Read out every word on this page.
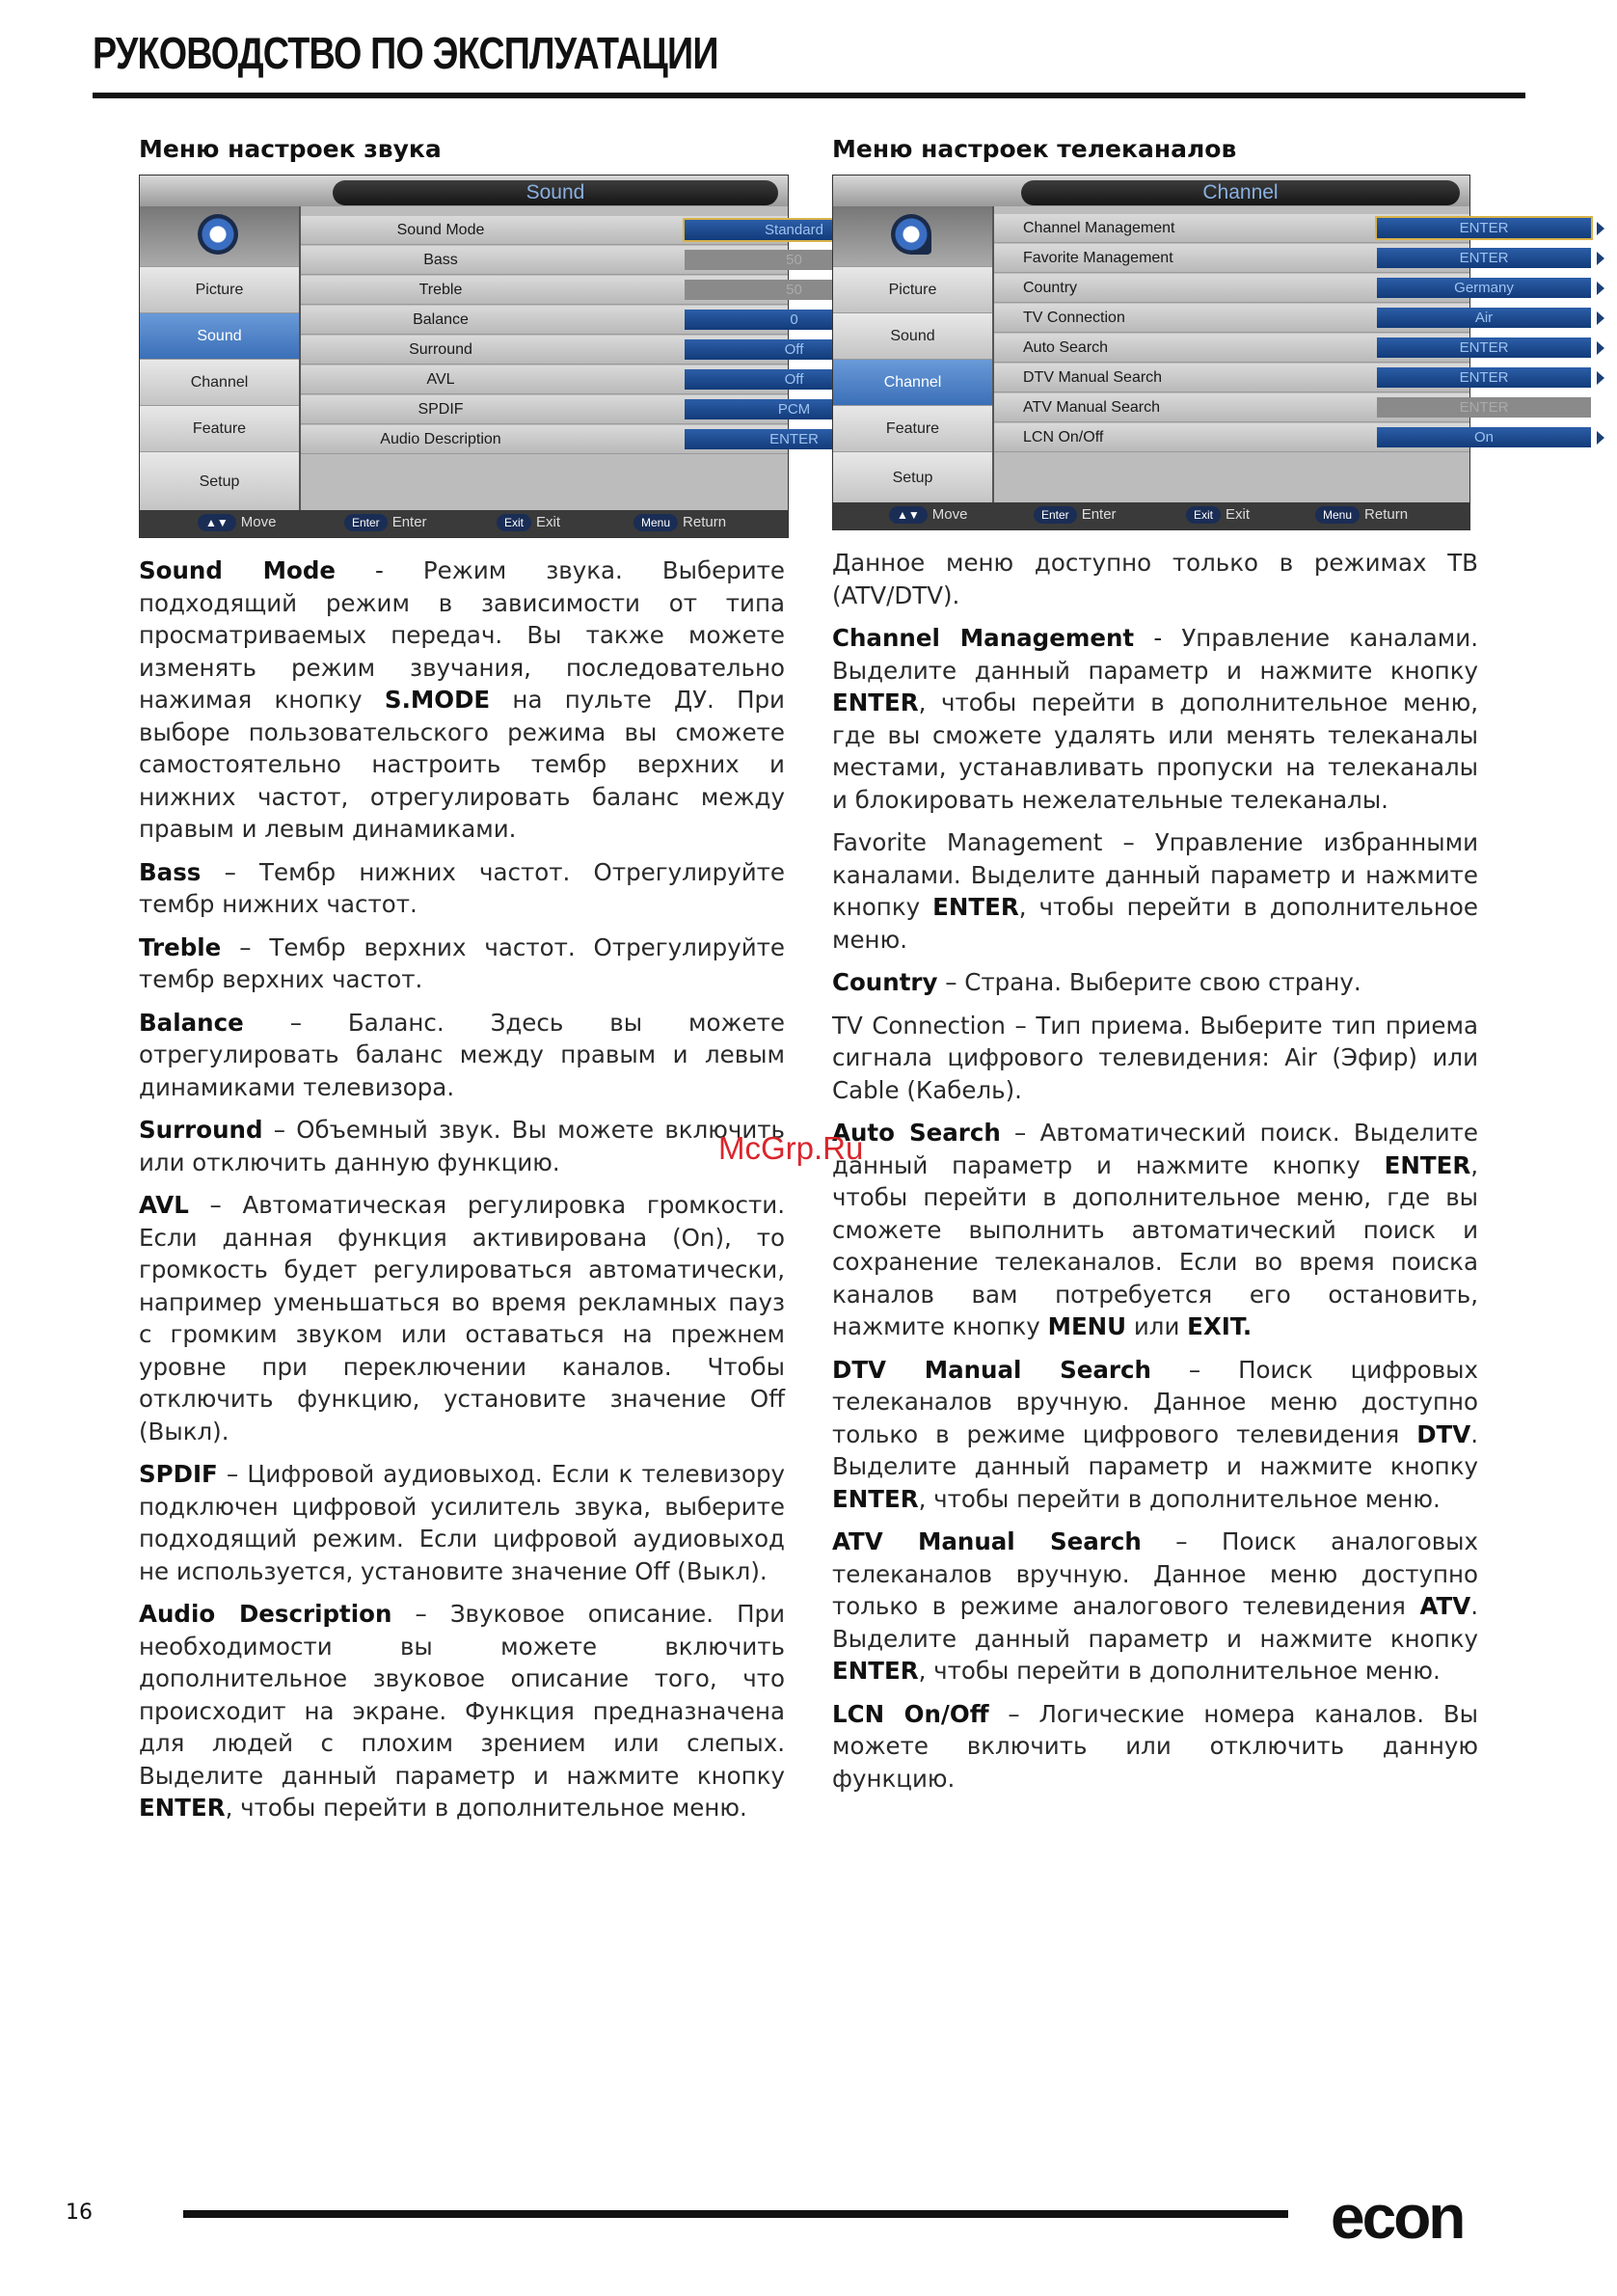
РУКОВОДСТВО ПО ЭКСПЛУАТАЦИИ
Меню настроек звука	Меню настроек телеканалов
Sound
Picture
Sound
Channel
Feature
Setup
Sound Mode	Standard
Bass	50
Treble	50
Balance	0
Surround	Off
AVL	Off
SPDIF	PCM
Audio Description	ENTER
▲▼ Move	Enter Enter	Exit Exit	Menu Return
Channel
Picture
Sound
Channel
Feature
Setup
Channel Management	ENTER
Favorite Management	ENTER
Country	Germany
TV Connection	Air
Auto Search	ENTER
DTV Manual Search	ENTER
ATV Manual Search	ENTER
LCN On/Off	On
▲▼ Move	Enter Enter	Exit Exit	Menu Return

Sound Mode - Режим звука. Выберите подходящий режим в зависимости от типа просматриваемых передач. Вы также можете изменять режим звучания, последовательно нажимая кнопку S.MODE на пульте ДУ. При выборе пользовательского режима вы сможете самостоятельно настроить тембр верхних и нижних частот, отрегулировать баланс между правым и левым динамиками.

Bass – Тембр нижних частот. Отрегулируйте тембр нижних частот.

Treble – Тембр верхних частот. Отрегулируйте тембр верхних частот.

Balance – Баланс. Здесь вы можете отрегулировать баланс между правым и левым динамиками телевизора.

Surround – Объемный звук. Вы можете включить или отключить данную функцию.

AVL – Автоматическая регулировка громкости. Если данная функция активирована (On), то громкость будет регулироваться автоматически, например уменьшаться во время рекламных пауз с громким звуком или оставаться на прежнем уровне при переключении каналов. Чтобы отключить функцию, установите значение Off (Выкл).

SPDIF – Цифровой аудиовыход. Если к телевизору подключен цифровой усилитель звука, выберите подходящий режим. Если цифровой аудиовыход не используется, установите значение Off (Выкл).

Audio Description – Звуковое описание. При необходимости вы можете включить дополнительное звуковое описание того, что происходит на экране. Функция предназначена для людей с плохим зрением или слепых. Выделите данный параметр и нажмите кнопку ENTER, чтобы перейти в дополнительное меню.

Данное меню доступно только в режимах ТВ (ATV/DTV).

Channel Management - Управление каналами. Выделите данный параметр и нажмите кнопку ENTER, чтобы перейти в дополнительное меню, где вы сможете удалять или менять телеканалы местами, устанавливать пропуски на телеканалы и блокировать нежелательные телеканалы.

Favorite Management – Управление избранными каналами. Выделите данный параметр и нажмите кнопку ENTER, чтобы перейти в дополнительное меню.

Country – Страна. Выберите свою страну.

TV Connection – Тип приема. Выберите тип приема сигнала цифрового телевидения: Air (Эфир) или Cable (Кабель).

Auto Search – Автоматический поиск. Выделите данный параметр и нажмите кнопку ENTER, чтобы перейти в дополнительное меню, где вы сможете выполнить автоматический поиск и сохранение телеканалов. Если во время поиска каналов вам потребуется его остановить, нажмите кнопку MENU или EXIT.

DTV Manual Search – Поиск цифровых телеканалов вручную. Данное меню доступно только в режиме цифрового телевидения DTV. Выделите данный параметр и нажмите кнопку ENTER, чтобы перейти в дополнительное меню.

ATV Manual Search – Поиск аналоговых телеканалов вручную. Данное меню доступно только в режиме аналогового телевидения ATV. Выделите данный параметр и нажмите кнопку ENTER, чтобы перейти в дополнительное меню.

LCN On/Off – Логические номера каналов. Вы можете включить или отключить данную функцию.

McGrp.Ru
16	econ
